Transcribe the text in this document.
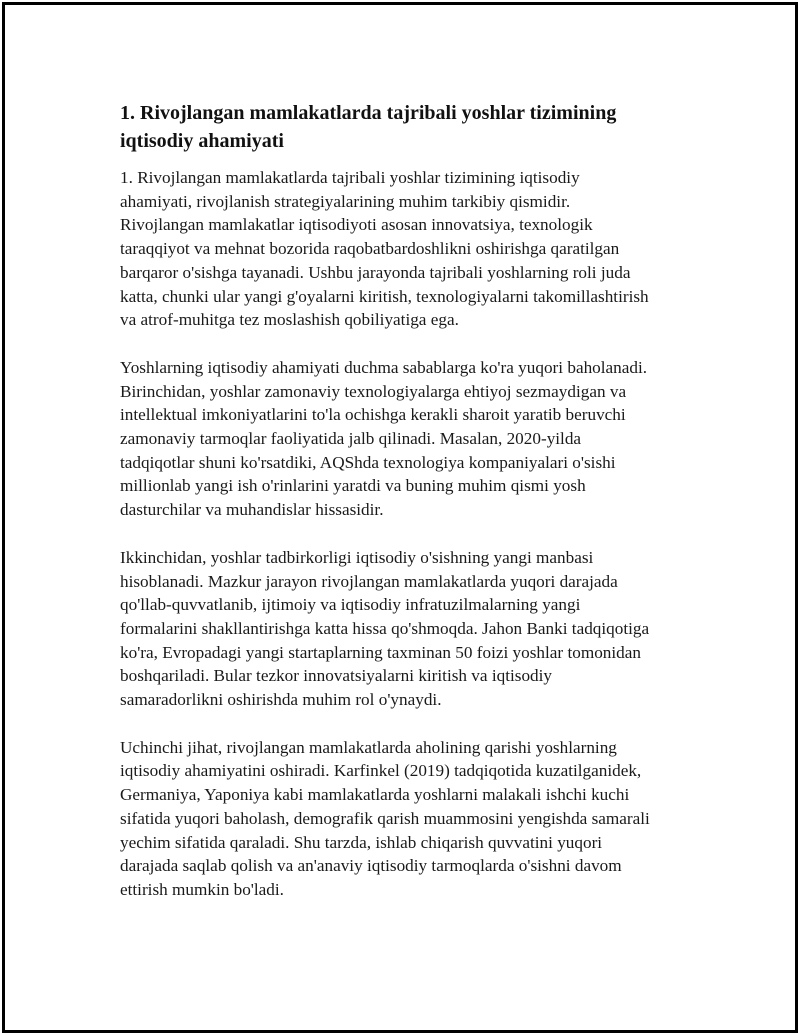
1. Rivojlangan mamlakatlarda tajribali yoshlar tizimining
iqtisodiy ahamiyati

1. Rivojlangan mamlakatlarda tajribali yoshlar tizimining iqtisodiy
ahamiyati, rivojlanish strategiyalarining muhim tarkibiy qismidir.
Rivojlangan mamlakatlar iqtisodiyoti asosan innovatsiya, texnologik
taraqqiyot va mehnat bozorida raqobatbardoshlikni oshirishga qaratilgan
barqaror o'sishga tayanadi. Ushbu jarayonda tajribali yoshlarning roli juda
katta, chunki ular yangi g'oyalarni kiritish, texnologiyalarni takomillashtirish
va atrof-muhitga tez moslashish qobiliyatiga ega.

Yoshlarning iqtisodiy ahamiyati duchma sabablarga ko'ra yuqori baholanadi.
Birinchidan, yoshlar zamonaviy texnologiyalarga ehtiyoj sezmaydigan va
intellektual imkoniyatlarini to'la ochishga kerakli sharoit yaratib beruvchi
zamonaviy tarmoqlar faoliyatida jalb qilinadi. Masalan, 2020-yilda
tadqiqotlar shuni ko'rsatdiki, AQShda texnologiya kompaniyalari o'sishi
millionlab yangi ish o'rinlarini yaratdi va buning muhim qismi yosh
dasturchilar va muhandislar hissasidir.

Ikkinchidan, yoshlar tadbirkorligi iqtisodiy o'sishning yangi manbasi
hisoblanadi. Mazkur jarayon rivojlangan mamlakatlarda yuqori darajada
qo'llab-quvvatlanib, ijtimoiy va iqtisodiy infratuzilmalarning yangi
formalarini shakllantirishga katta hissa qo'shmoqda. Jahon Banki tadqiqotiga
ko'ra, Evropadagi yangi startaplarning taxminan 50 foizi yoshlar tomonidan
boshqariladi. Bular tezkor innovatsiyalarni kiritish va iqtisodiy
samaradorlikni oshirishda muhim rol o'ynaydi.

Uchinchi jihat, rivojlangan mamlakatlarda aholining qarishi yoshlarning
iqtisodiy ahamiyatini oshiradi. Karfinkel (2019) tadqiqotida kuzatilganidek,
Germaniya, Yaponiya kabi mamlakatlarda yoshlarni malakali ishchi kuchi
sifatida yuqori baholash, demografik qarish muammosini yengishda samarali
yechim sifatida qaraladi. Shu tarzda, ishlab chiqarish quvvatini yuqori
darajada saqlab qolish va an'anaviy iqtisodiy tarmoqlarda o'sishni davom
ettirish mumkin bo'ladi.
